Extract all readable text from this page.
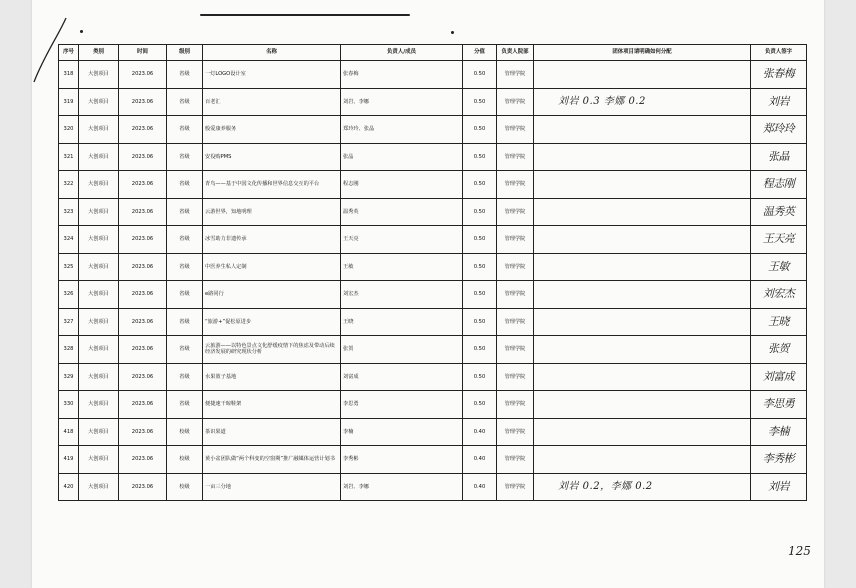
序号	类别	时间	级别	名称	负责人/成员	分值	负责人院部	团体项目请明确如何分配	负责人签字
318	大创项目	2023.06	省级	一灯LOGO设计室	张春梅	0.50	管理学院		张春梅
319	大创项目	2023.06	省级	百老汇	刘岩、李娜	0.50	管理学院	刘岩 0.3 李娜 0.2	刘岩
320	大创项目	2023.06	省级	般爱康养服务	郑玲玲、张晶	0.50	管理学院		郑玲玲
321	大创项目	2023.06	省级	安役购PMS	张晶	0.50	管理学院		张晶
322	大创项目	2023.06	省级	青鸟——基于中国文化传播和世界信息交互的平台	程志刚	0.50	管理学院		程志刚
323	大创项目	2023.06	省级	云游世界，知地明理	温秀英	0.50	管理学院		温秀英
324	大创项目	2023.06	省级	冰雪助力非遗传承	王天亮	0.50	管理学院		王天亮
325	大创项目	2023.06	省级	中医养生私人定制	王敏	0.50	管理学院		王敏
326	大创项目	2023.06	省级	e路同行	刘宏杰	0.50	管理学院		刘宏杰
327	大创项目	2023.06	省级	“旅游+”促松原进步	王晓	0.50	管理学院		王晓
328	大创项目	2023.06	省级	云旅游——以特色景点文化舒缓疫情下的焦虑及带动后续经济发展的研究现状分析	张贺	0.50	管理学院		张贺
329	大创项目	2023.06	省级	水果篮子基地	刘富成	0.50	管理学院		刘富成
330	大创项目	2023.06	省级	便捷速干晾鞋架	李思勇	0.50	管理学院		李思勇
418	大创项目	2023.06	校级	茶识果道	李楠	0.40	管理学院		李楠
419	大创项目	2023.06	校级	黄小盆团队做“两个科变的空窗期”推广融媒体运营计划书	李秀彬	0.40	管理学院		李秀彬
420	大创项目	2023.06	校级	一亩三分地	刘岩、李娜	0.40	管理学院	刘岩 0.2，李娜 0.2	刘岩
125
